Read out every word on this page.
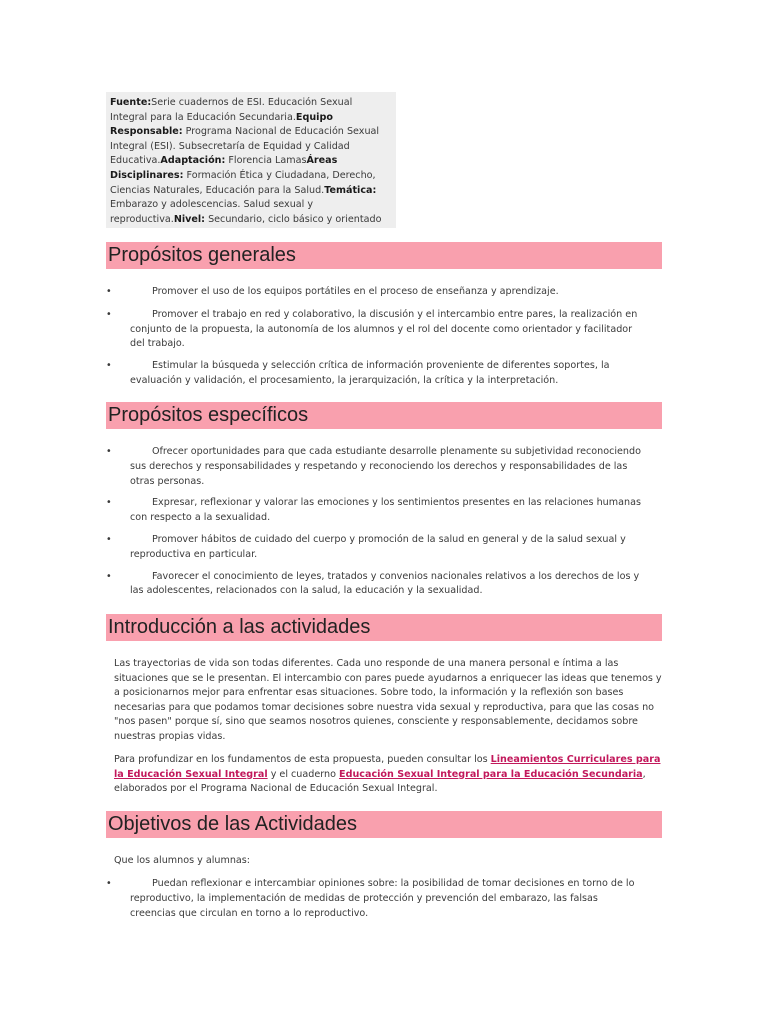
Fuente:Serie cuadernos de ESI. Educación Sexual Integral para la Educación Secundaria.Equipo Responsable: Programa Nacional de Educación Sexual Integral (ESI). Subsecretaría de Equidad y Calidad Educativa.Adaptación: Florencia LamasÁreas Disciplinares: Formación Ética y Ciudadana, Derecho, Ciencias Naturales, Educación para la Salud.Temática: Embarazo y adolescencias. Salud sexual y reproductiva.Nivel: Secundario, ciclo básico y orientado
Propósitos generales
•	Promover el uso de los equipos portátiles en el proceso de enseñanza y aprendizaje.
•	Promover el trabajo en red y colaborativo, la discusión y el intercambio entre pares, la realización en conjunto de la propuesta, la autonomía de los alumnos y el rol del docente como orientador y facilitador del trabajo.
•	Estimular la búsqueda y selección crítica de información proveniente de diferentes soportes, la evaluación y validación, el procesamiento, la jerarquización, la crítica y la interpretación.
Propósitos específicos
•	Ofrecer oportunidades para que cada estudiante desarrolle plenamente su subjetividad reconociendo sus derechos y responsabilidades y respetando y reconociendo los derechos y responsabilidades de las otras personas.
•	Expresar, reflexionar y valorar las emociones y los sentimientos presentes en las relaciones humanas con respecto a la sexualidad.
•	Promover hábitos de cuidado del cuerpo y promoción de la salud en general y de la salud sexual y reproductiva en particular.
•	Favorecer el conocimiento de leyes, tratados y convenios nacionales relativos a los derechos de los y las adolescentes, relacionados con la salud, la educación y la sexualidad.
Introducción a las actividades

Las trayectorias de vida son todas diferentes. Cada uno responde de una manera personal e íntima a las situaciones que se le presentan. El intercambio con pares puede ayudarnos a enriquecer las ideas que tenemos y a posicionarnos mejor para enfrentar esas situaciones. Sobre todo, la información y la reflexión son bases necesarias para que podamos tomar decisiones sobre nuestra vida sexual y reproductiva, para que las cosas no "nos pasen" porque sí, sino que seamos nosotros quienes, consciente y responsablemente, decidamos sobre nuestras propias vidas.

Para profundizar en los fundamentos de esta propuesta, pueden consultar los Lineamientos Curriculares para la Educación Sexual Integral y el cuaderno Educación Sexual Integral para la Educación Secundaria, elaborados por el Programa Nacional de Educación Sexual Integral.

Objetivos de las Actividades

Que los alumnos y alumnas:

•	Puedan reflexionar e intercambiar opiniones sobre: la posibilidad de tomar decisiones en torno de lo reproductivo, la implementación de medidas de protección y prevención del embarazo, las falsas creencias que circulan en torno a lo reproductivo.
